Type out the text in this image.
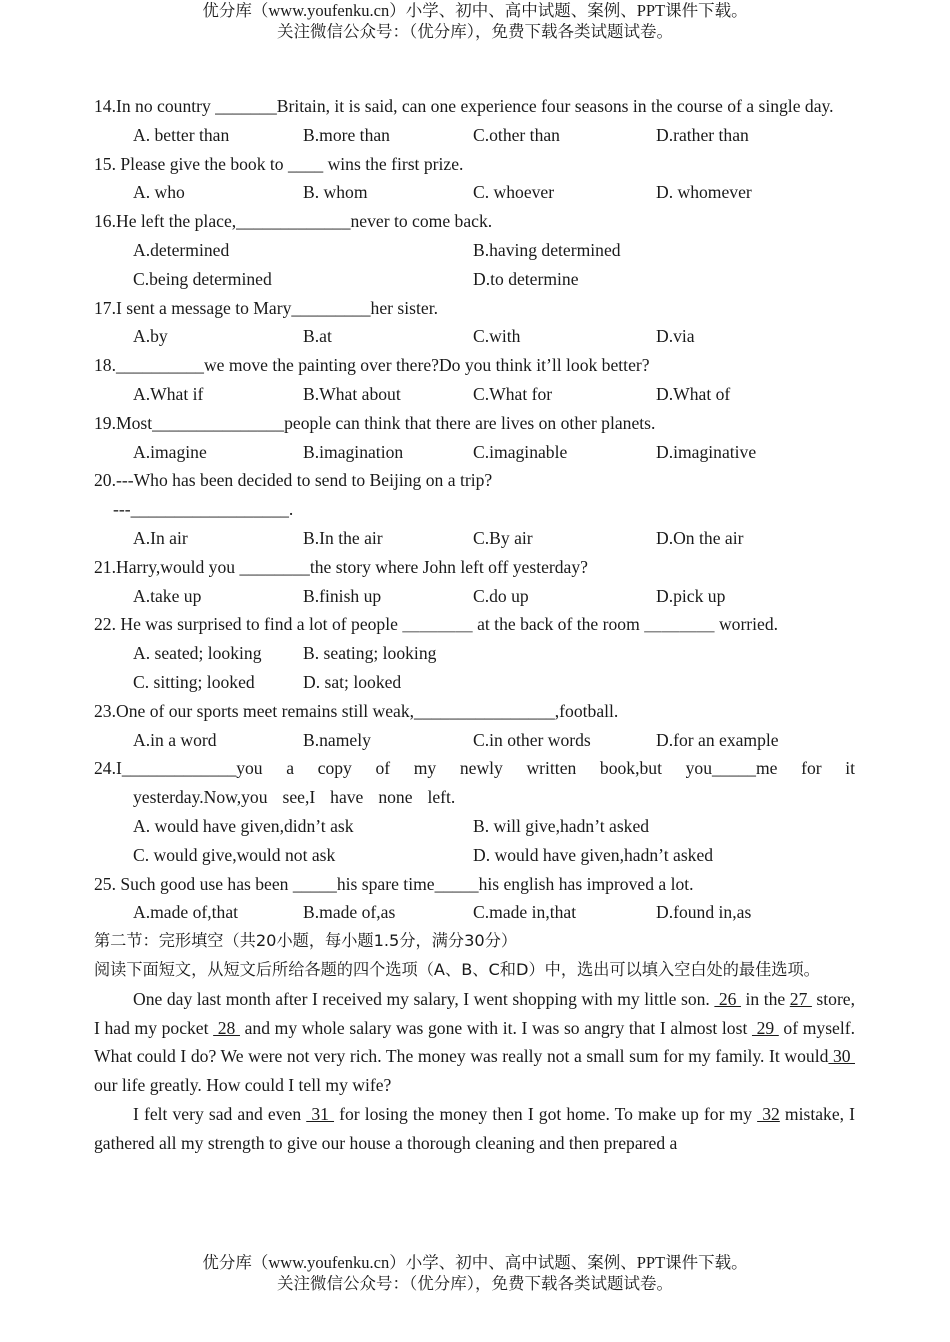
优分库（www.youfenku.cn）小学、初中、高中试题、案例、PPT课件下载。
关注微信公众号：（优分库），免费下载各类试题试卷。
14.In no country _______Britain, it is said, can one experience four seasons in the course of a single day.
A. better than	B.more than	C.other than	D.rather than
15. Please give the book to ____ wins the first prize.
A. who	B. whom	C. whoever	D. whomever
16.He left the place,_____________never to come back.
A.determined	B.having determined
C.being determined	D.to determine
17.I sent a message to Mary_________her sister.
A.by	B.at	C.with	D.via
18.__________we move the painting over there?Do you think it’ll look better?
A.What if	B.What about	C.What for	D.What of
19.Most_______________people can think that there are lives on other planets.
A.imagine	B.imagination	C.imaginable	D.imaginative
20.---Who has been decided to send to Beijing on a trip?
---__________________.
A.In air	B.In the air	C.By air	D.On the air
21.Harry,would you ________the story where John left off yesterday?
A.take up	B.finish up	C.do up	D.pick up
22. He was surprised to find a lot of people ＿＿＿＿ at the back of the room ＿＿＿＿ worried.
A. seated; looking	B. seating; looking
C. sitting; looked	D. sat; looked
23.One of our sports meet remains still weak,________________,football.
A.in a word	B.namely	C.in other words	D.for an example
24.I_____________you a copy of my newly written book,but you_____me for it yesterday.Now,you see,I have none left.
A. would have given,didn’t ask	B. will give,hadn’t asked
C. would give,would not ask	D. would have given,hadn’t asked
25. Such good use has been _____his spare time_____his english has improved a lot.
A.made of,that	B.made of,as	C.made in,that	D.found in,as
第二节：完形填空（共20小题，每小题1.5分，满分30分）
阅读下面短文，从短文后所给各题的四个选项（A、B、C和D）中，选出可以填入空白处的最佳选项。

One day last month after I received my salary, I went shopping with my little son.  26  in the 27  store, I had my pocket  28  and my whole salary was gone with it. I was so angry that I almost lost  29  of myself. What could I do? We were not very rich. The money was really not a small sum for my family. It would 30  our life greatly. How could I tell my wife?

I felt very sad and even  31  for losing the money then I got home. To make up for my  32 mistake, I gathered all my strength to give our house a thorough cleaning and then prepared a

优分库（www.youfenku.cn）小学、初中、高中试题、案例、PPT课件下载。
关注微信公众号：（优分库），免费下载各类试题试卷。
